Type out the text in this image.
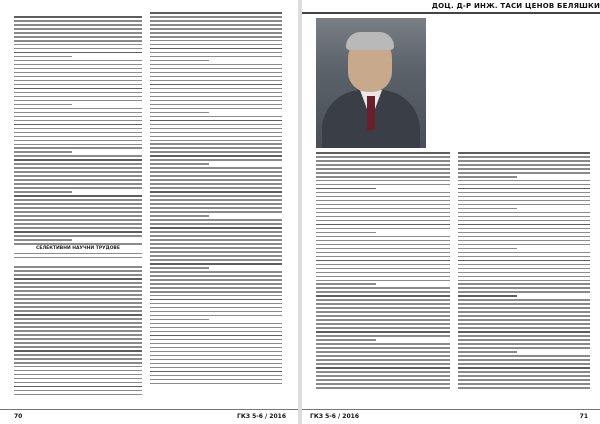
СЕЛЕКТИВНИ НАУЧНИ ТРУДОВЕ
70	ГКЗ 5-6 / 2016
ДОЦ. Д-Р ИНЖ. ТАСИ ЦЕНОВ БЕЛЯШКИ
ГКЗ 5-6 / 2016	71
